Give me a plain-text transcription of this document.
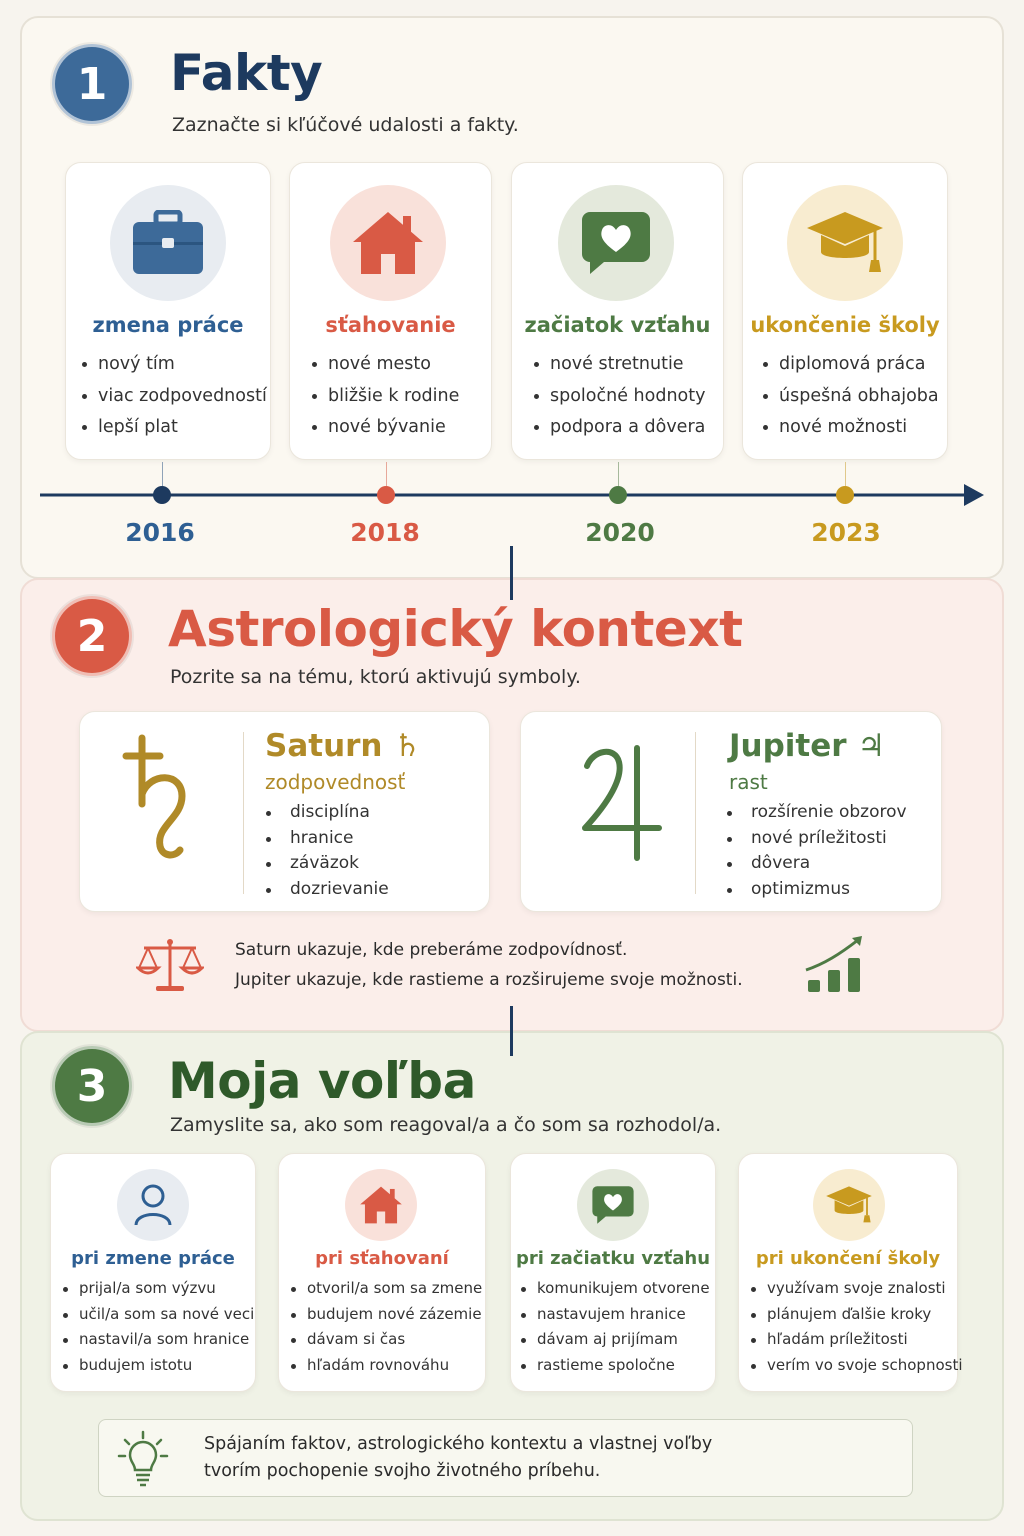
1	Fakty
Zaznačte si kľúčové udalosti a fakty.
zmena práce
nový tím
viac zodpovedností
lepší plat
sťahovanie
nové mesto
bližšie k rodine
nové bývanie
začiatok vzťahu
nové stretnutie
spoločné hodnoty
podpora a dôvera
ukončenie školy
diplomová práca
úspešná obhajoba
nové možnosti
2016	2018	2020	2023
2	Astrologický kontext
Pozrite sa na tému, ktorú aktivujú symboly.
Saturn ♄
zodpovednosť
disciplína
hranice
záväzok
dozrievanie
Jupiter ♃
rast
rozšírenie obzorov
nové príležitosti
dôvera
optimizmus
Saturn ukazuje, kde preberáme zodpovídnosť.
Jupiter ukazuje, kde rastieme a rozširujeme svoje možnosti.
3	Moja voľba
Zamyslite sa, ako som reagoval/a a čo som sa rozhodol/a.
pri zmene práce
prijal/a som výzvu
učil/a som sa nové veci
nastavil/a som hranice
budujem istotu
pri sťahovaní
otvoril/a som sa zmene
budujem nové zázemie
dávam si čas
hľadám rovnováhu
pri začiatku vzťahu
komunikujem otvorene
nastavujem hranice
dávam aj prijímam
rastieme spoločne
pri ukončení školy
využívam svoje znalosti
plánujem ďalšie kroky
hľadám príležitosti
verím vo svoje schopnosti
Spájaním faktov, astrologického kontextu a vlastnej voľby
tvorím pochopenie svojho životného príbehu.
